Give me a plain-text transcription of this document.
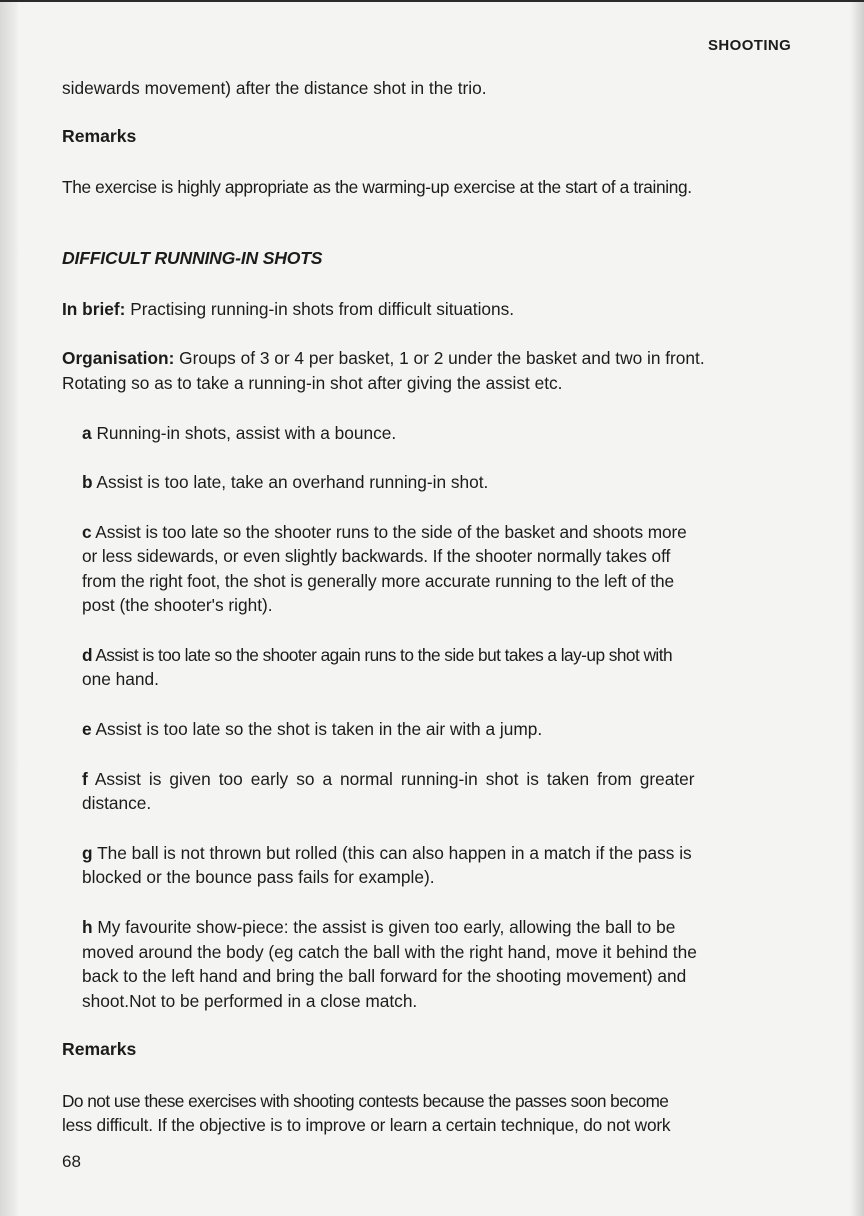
SHOOTING
sidewards movement) after the distance shot in the trio.
Remarks
The exercise is highly appropriate as the warming-up exercise at the start of a training.
DIFFICULT RUNNING-IN SHOTS
In brief: Practising running-in shots from difficult situations.
Organisation: Groups of 3 or 4 per basket, 1 or 2 under the basket and two in front.
Rotating so as to take a running-in shot after giving the assist etc.
a Running-in shots, assist with a bounce.
b Assist is too late, take an overhand running-in shot.
c Assist is too late so the shooter runs to the side of the basket and shoots more
or less sidewards, or even slightly backwards. If the shooter normally takes off
from the right foot, the shot is generally more accurate running to the left of the
post (the shooter's right).
d Assist is too late so the shooter again runs to the side but takes a lay-up shot with
one hand.
e Assist is too late so the shot is taken in the air with a jump.
f Assist is given too early so a normal running-in shot is taken from greater
distance.
g The ball is not thrown but rolled (this can also happen in a match if the pass is
blocked or the bounce pass fails for example).
h My favourite show-piece: the assist is given too early, allowing the ball to be
moved around the body (eg catch the ball with the right hand, move it behind the
back to the left hand and bring the ball forward for the shooting movement) and
shoot.Not to be performed in a close match.
Remarks
Do not use these exercises with shooting contests because the passes soon become
less difficult. If the objective is to improve or learn a certain technique, do not work
68
